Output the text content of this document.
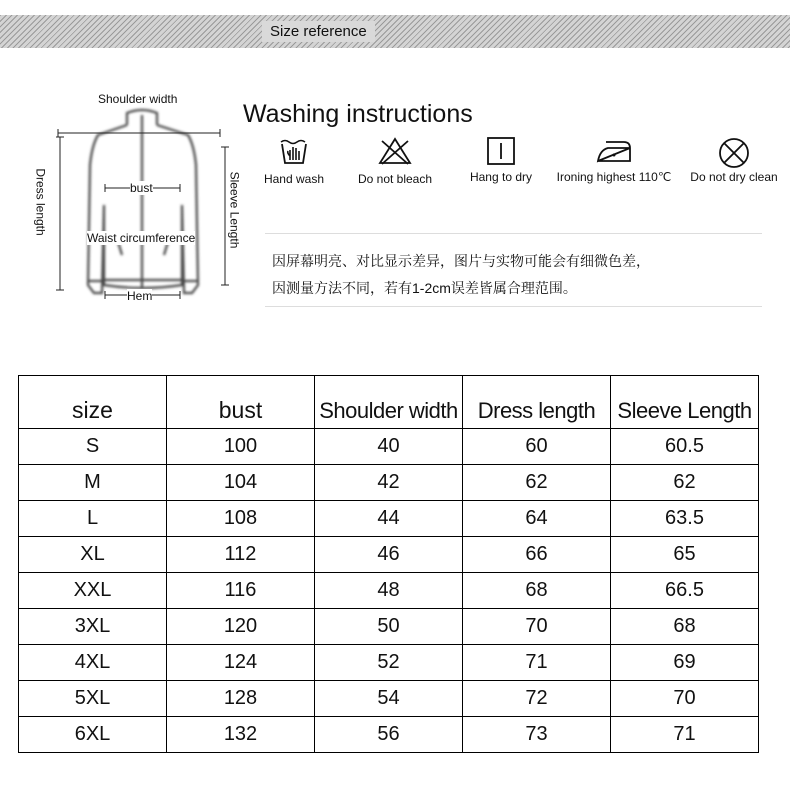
Size reference
Shoulder width
bust
Waist circumference
Hem
Dress length	Sleeve Length
Washing instructions
Hand wash	Do not bleach	Hang to dry	Ironing highest 110℃	Do not dry clean
因屏幕明亮、对比显示差异，图片与实物可能会有细微色差，
因测量方法不同，若有1-2cm误差皆属合理范围。
size	bust	Shoulder width	Dress length	Sleeve Length
S	100	40	60	60.5
M	104	42	62	62
L	108	44	64	63.5
XL	112	46	66	65
XXL	116	48	68	66.5
3XL	120	50	70	68
4XL	124	52	71	69
5XL	128	54	72	70
6XL	132	56	73	71
